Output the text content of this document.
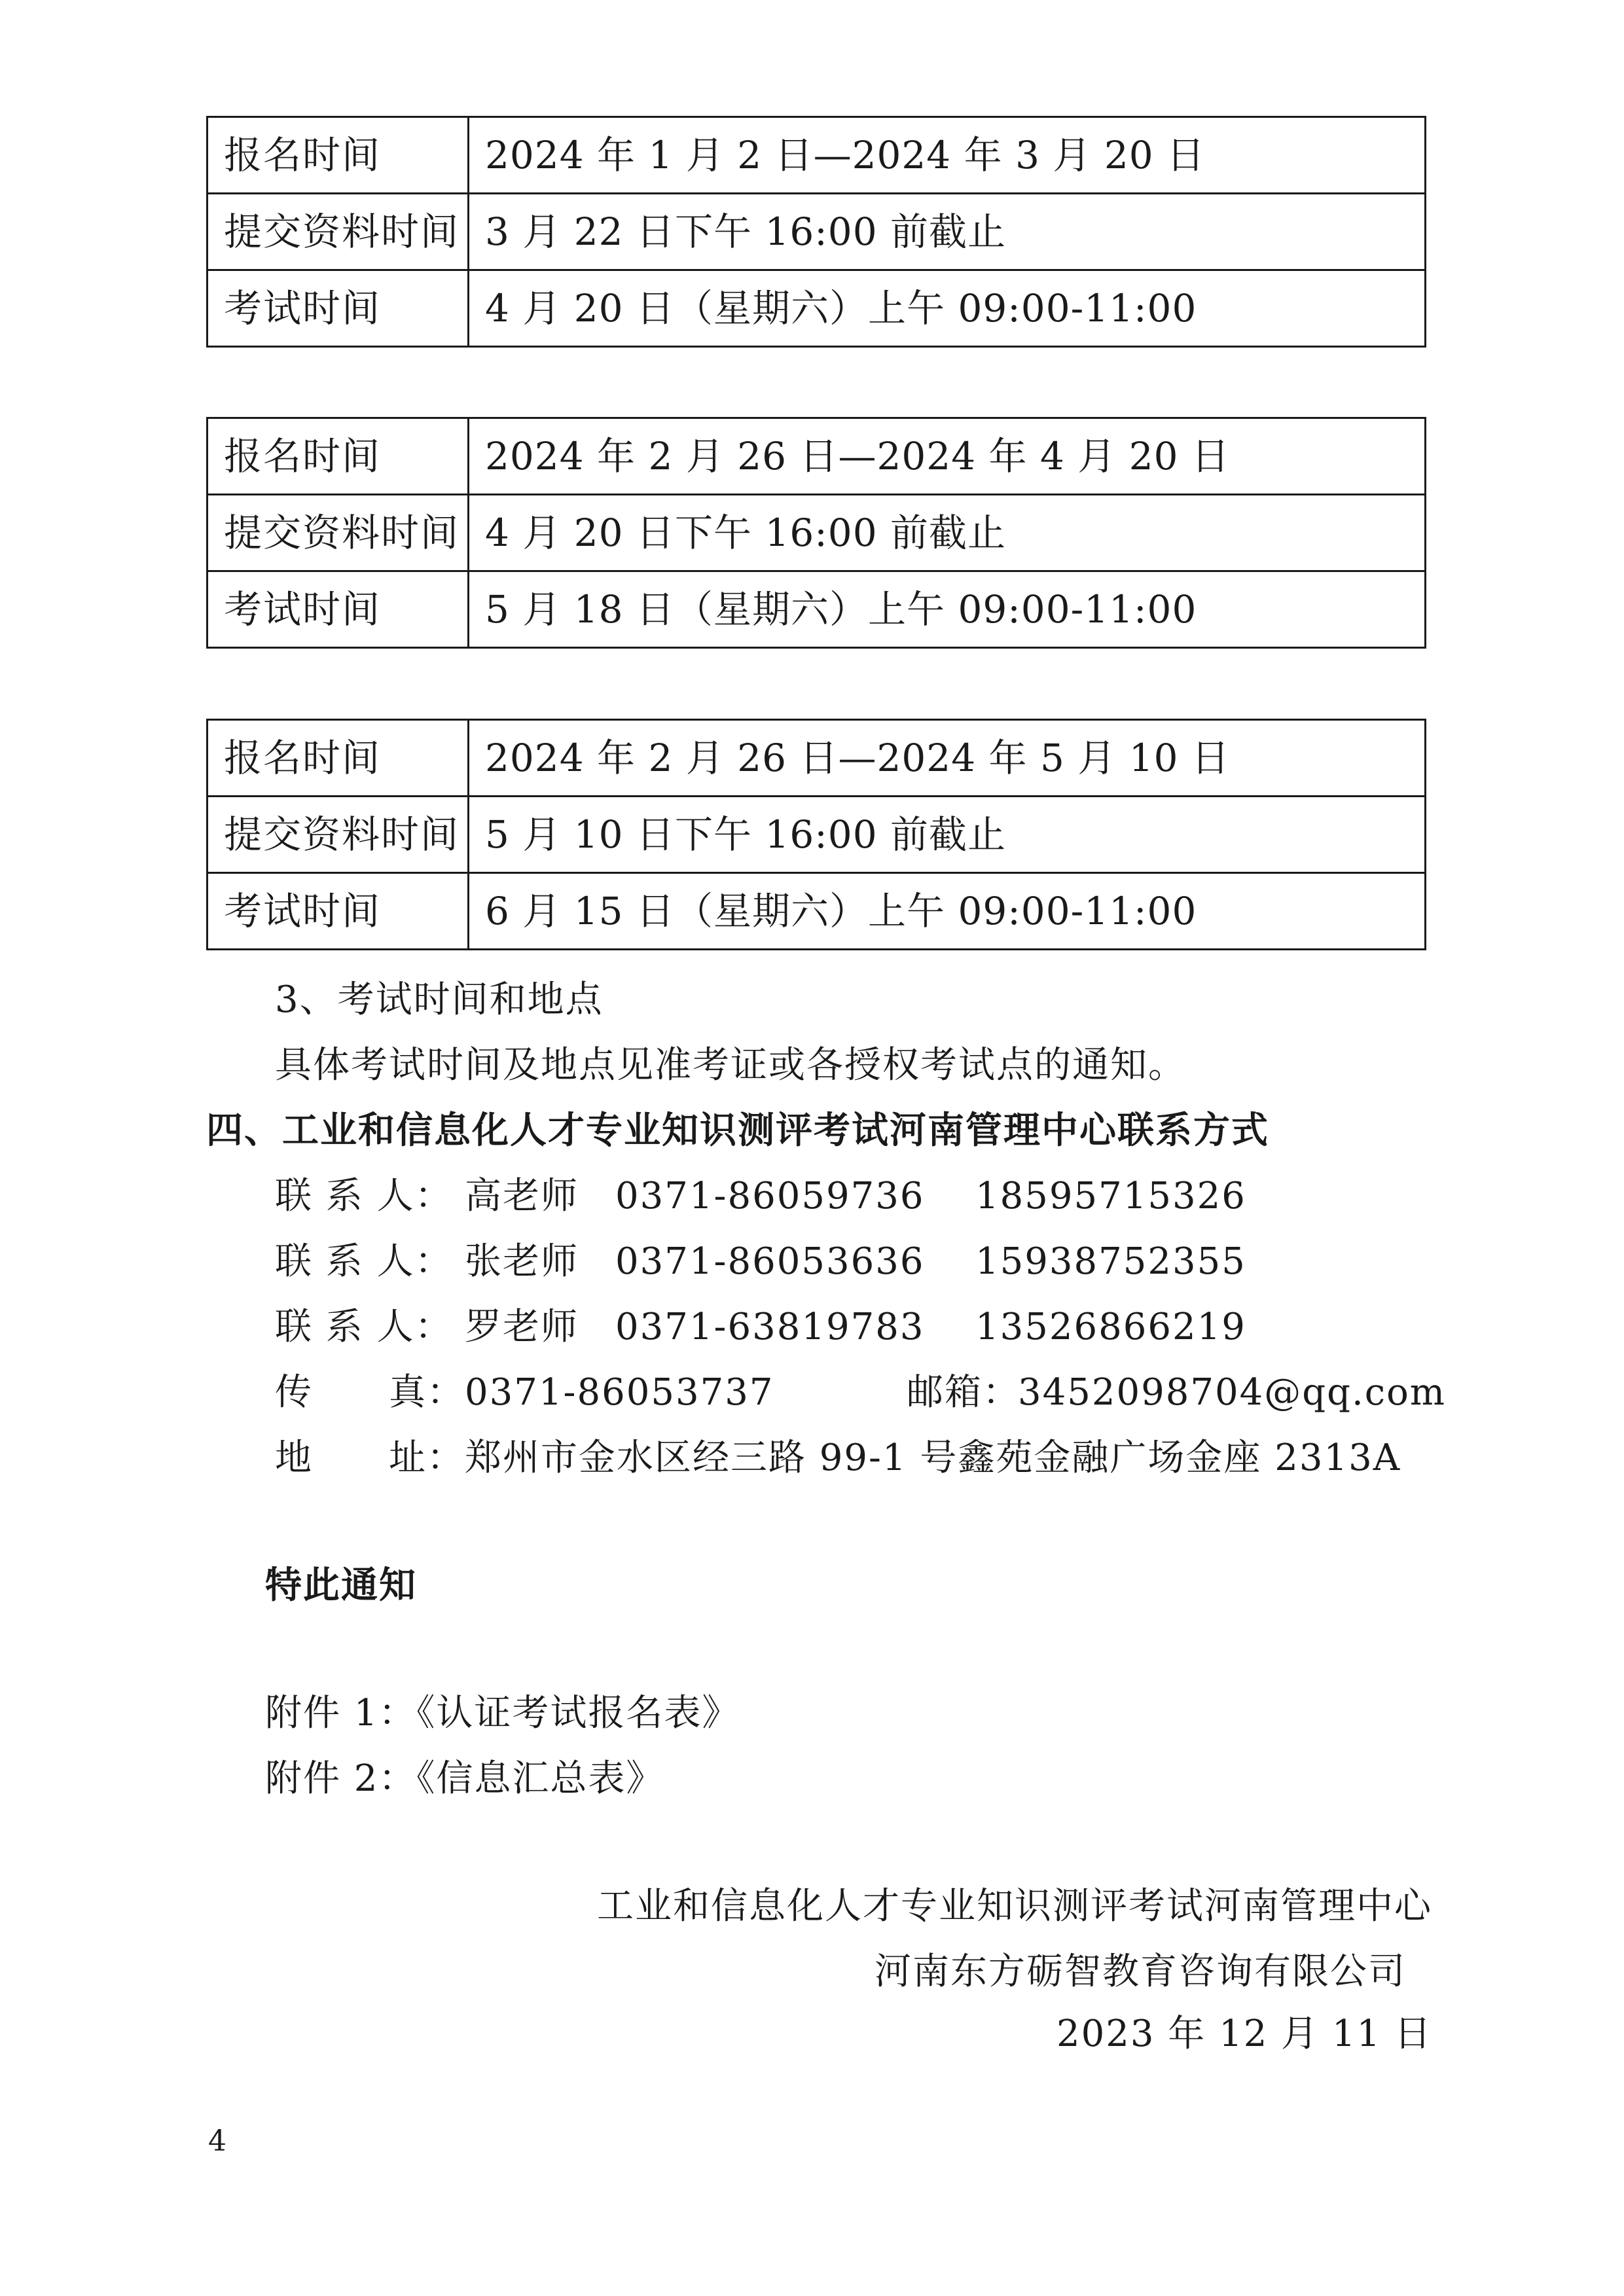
报名时间	2024 年 1 月 2 日—2024 年 3 月 20 日
提交资料时间	3 月 22 日下午 16:00 前截止
考试时间	4 月 20 日（星期六）上午 09:00-11:00
报名时间	2024 年 2 月 26 日—2024 年 4 月 20 日
提交资料时间	4 月 20 日下午 16:00 前截止
考试时间	5 月 18 日（星期六）上午 09:00-11:00
报名时间	2024 年 2 月 26 日—2024 年 5 月 10 日
提交资料时间	5 月 10 日下午 16:00 前截止
考试时间	6 月 15 日（星期六）上午 09:00-11:00
3、考试时间和地点
具体考试时间及地点见准考证或各授权考试点的通知。
四、工业和信息化人才专业知识测评考试河南管理中心联系方式
联 系 人： 高老师 0371-86059736 18595715326
联 系 人： 张老师 0371-86053636 15938752355
联 系 人： 罗老师 0371-63819783 13526866219
传　　真： 0371-86053737	邮箱：
3452098704@qq.com
地　　址： 郑州市金水区经三路 99-1 号鑫苑金融广场金座 2313A
特此通知
附件 1：《认证考试报名表》
附件 2：《信息汇总表》
工业和信息化人才专业知识测评考试河南管理中心
河南东方砺智教育咨询有限公司
2023 年 12 月 11 日
4
